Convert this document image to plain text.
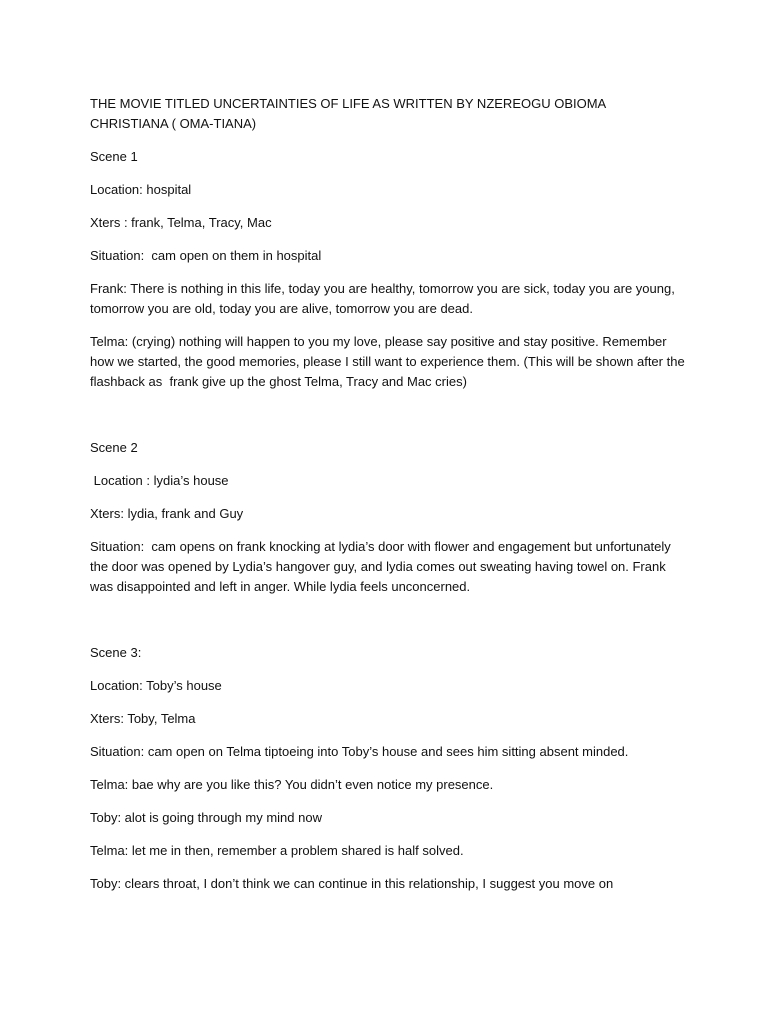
THE MOVIE TITLED UNCERTAINTIES OF LIFE AS WRITTEN BY NZEREOGU OBIOMA CHRISTIANA ( OMA-TIANA)

Scene 1

Location: hospital

Xters : frank, Telma, Tracy, Mac

Situation:  cam open on them in hospital

Frank: There is nothing in this life, today you are healthy, tomorrow you are sick, today you are young, tomorrow you are old, today you are alive, tomorrow you are dead.

Telma: (crying) nothing will happen to you my love, please say positive and stay positive. Remember how we started, the good memories, please I still want to experience them. (This will be shown after the flashback as  frank give up the ghost Telma, Tracy and Mac cries)

Scene 2

Location : lydia’s house

Xters: lydia, frank and Guy

Situation:  cam opens on frank knocking at lydia’s door with flower and engagement but unfortunately the door was opened by Lydia’s hangover guy, and lydia comes out sweating having towel on. Frank was disappointed and left in anger. While lydia feels unconcerned.

Scene 3:

Location: Toby’s house

Xters: Toby, Telma

Situation: cam open on Telma tiptoeing into Toby’s house and sees him sitting absent minded.

Telma: bae why are you like this? You didn’t even notice my presence.

Toby: alot is going through my mind now

Telma: let me in then, remember a problem shared is half solved.

Toby: clears throat, I don’t think we can continue in this relationship, I suggest you move on
